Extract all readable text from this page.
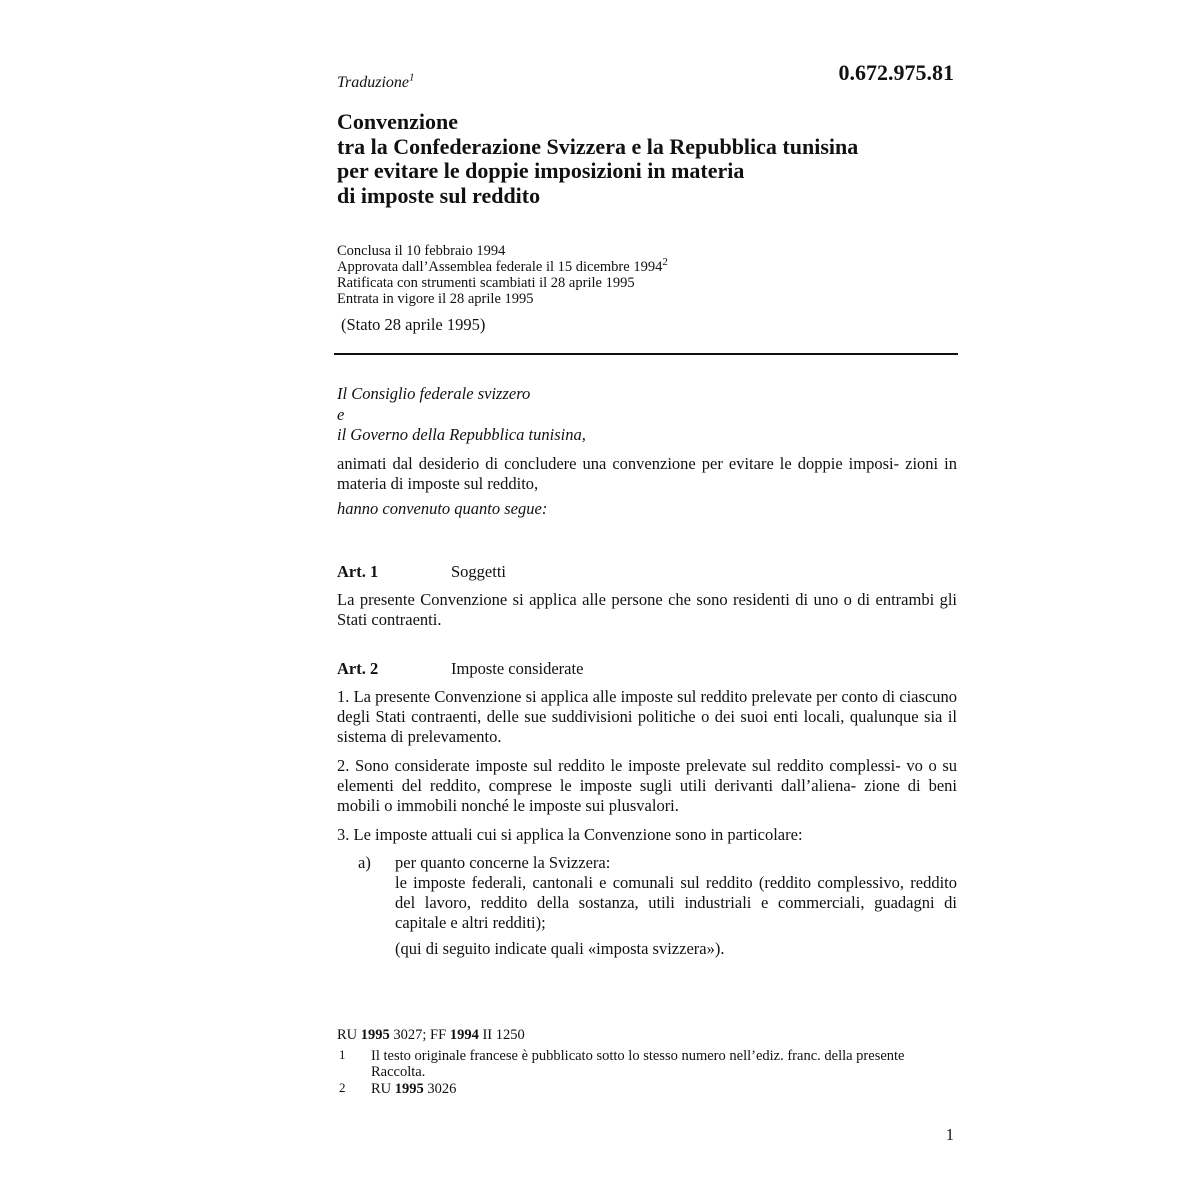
Traduzione$^1$	0.672.975.81
Convenzione
tra la Confederazione Svizzera e la Repubblica tunisina
per evitare le doppie imposizioni in materia
di imposte sul reddito
Conclusa il 10 febbraio 1994
Approvata dall’Assemblea federale il 15 dicembre 1994$^2$
Ratificata con strumenti scambiati il 28 aprile 1995
Entrata in vigore il 28 aprile 1995
(Stato 28 aprile 1995)
Il Consiglio federale svizzero
e
il Governo della Repubblica tunisina,
animati dal desiderio di concludere una convenzione per evitare le doppie imposi- zioni in materia di imposte sul reddito,
hanno convenuto quanto segue:
Art. 1	Soggetti
La presente Convenzione si applica alle persone che sono residenti di uno o di entrambi gli Stati contraenti.
Art. 2	Imposte considerate
1. La presente Convenzione si applica alle imposte sul reddito prelevate per conto di ciascuno degli Stati contraenti, delle sue suddivisioni politiche o dei suoi enti locali, qualunque sia il sistema di prelevamento.
2. Sono considerate imposte sul reddito le imposte prelevate sul reddito complessi- vo o su elementi del reddito, comprese le imposte sugli utili derivanti dall’aliena- zione di beni mobili o immobili nonché le imposte sui plusvalori.
3. Le imposte attuali cui si applica la Convenzione sono in particolare:
a) per quanto concerne la Svizzera:
le imposte federali, cantonali e comunali sul reddito (reddito complessivo, reddito del lavoro, reddito della sostanza, utili industriali e commerciali, guadagni di capitale e altri redditi);
(qui di seguito indicate quali «imposta svizzera»).
RU 1995 3027; FF 1994 II 1250
1 Il testo originale francese è pubblicato sotto lo stesso numero nell’ediz. franc. della presente Raccolta.
2 RU 1995 3026
1
